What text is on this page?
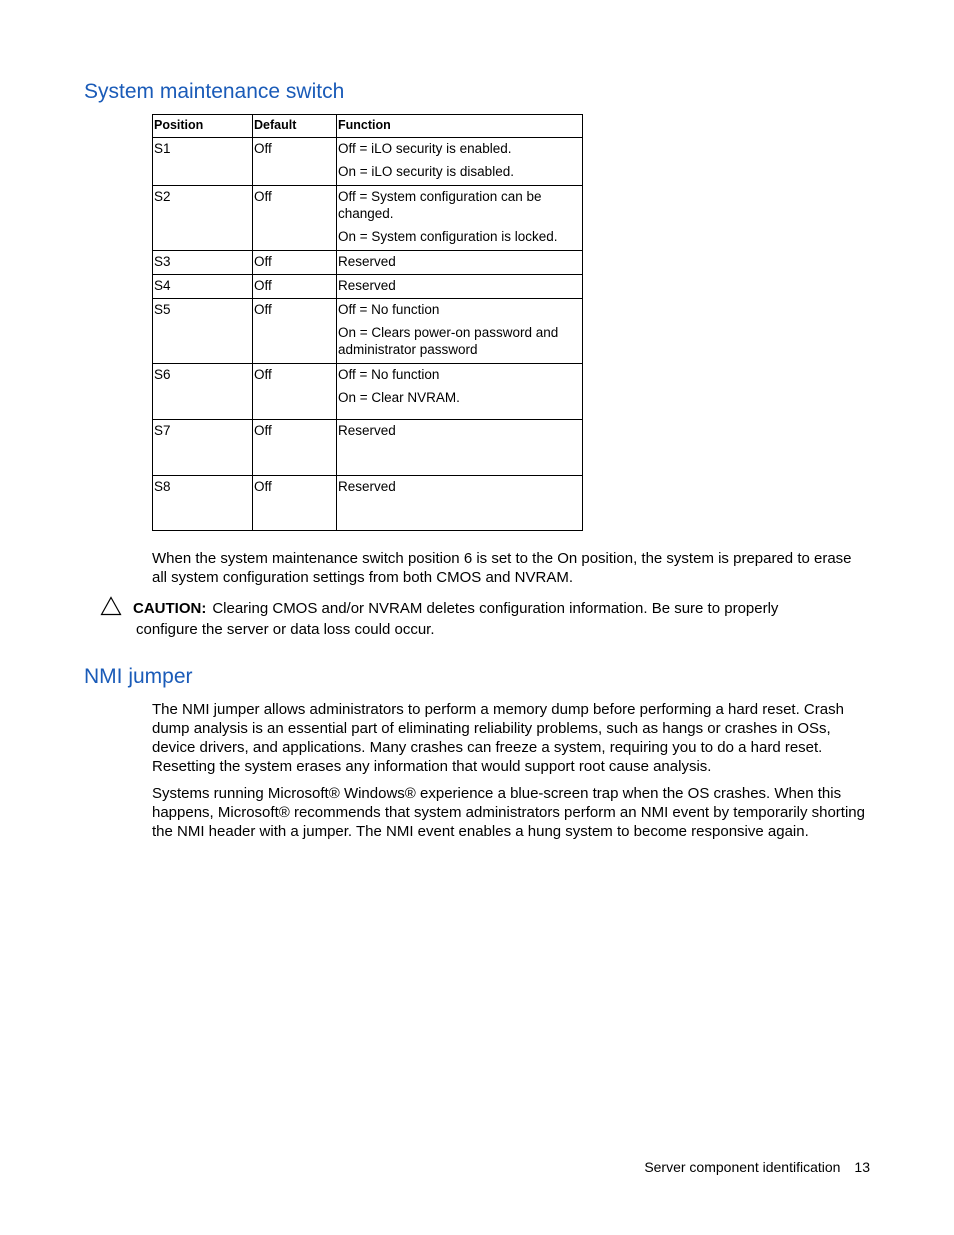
System maintenance switch
Position	Default	Function
S1	Off	Off = iLO security is enabled.

On = iLO security is disabled.

S2	Off	Off = System configuration can be changed.

On = System configuration is locked.

S3	Off	Reserved

S4	Off	Reserved

S5	Off	Off = No function

On = Clears power-on password and administrator password

S6	Off	Off = No function

On = Clear NVRAM.

S7	Off	Reserved

S8	Off	Reserved

When the system maintenance switch position 6 is set to the On position, the system is prepared to erase all system configuration settings from both CMOS and NVRAM.

CAUTION: Clearing CMOS and/or NVRAM deletes configuration information. Be sure to properly
configure the server or data loss could occur.
NMI jumper

The NMI jumper allows administrators to perform a memory dump before performing a hard reset. Crash dump analysis is an essential part of eliminating reliability problems, such as hangs or crashes in OSs, device drivers, and applications. Many crashes can freeze a system, requiring you to do a hard reset. Resetting the system erases any information that would support root cause analysis.

Systems running Microsoft® Windows® experience a blue-screen trap when the OS crashes. When this happens, Microsoft® recommends that system administrators perform an NMI event by temporarily shorting the NMI header with a jumper. The NMI event enables a hung system to become responsive again.

Server component identification 13
